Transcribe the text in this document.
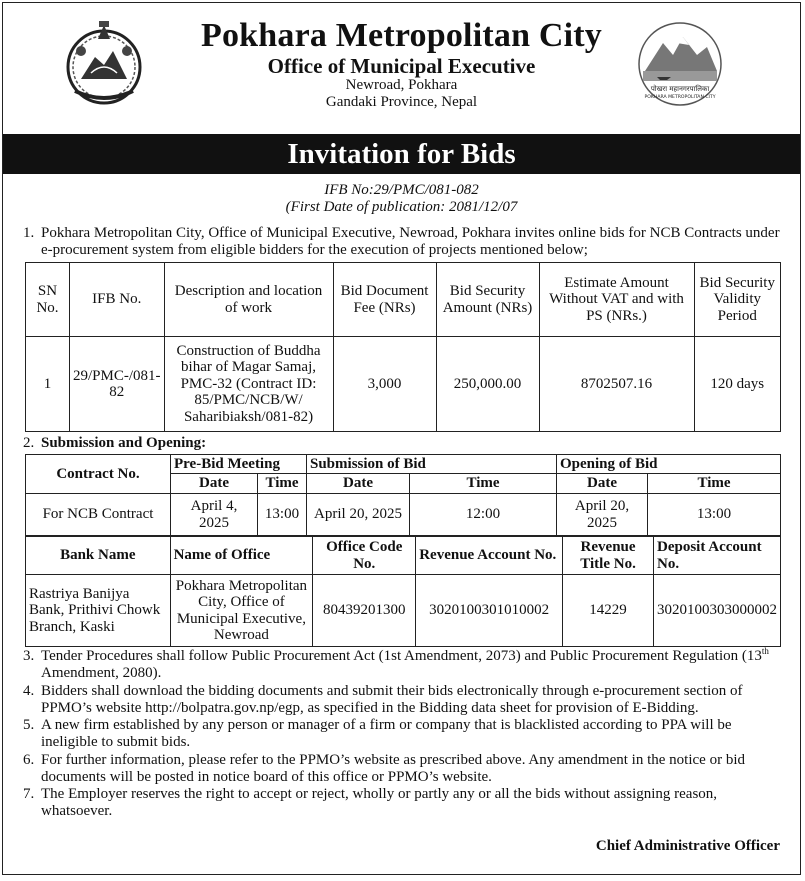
Pokhara Metropolitan City
Office of Municipal Executive
Newroad, Pokhara
Gandaki Province, Nepal
पोखरा महानगरपालिका
POKHARA METROPOLITAN CITY
Invitation for Bids
IFB No:29/PMC/081-082
(First Date of publication: 2081/12/07
1. Pokhara Metropolitan City, Office of Municipal Executive, Newroad, Pokhara invites online bids for NCB Contracts under e-procurement system from eligible bidders for the execution of projects mentioned below;
SN No.	IFB No.	Description and location of work	Bid Document Fee (NRs)	Bid Security Amount (NRs)	Estimate Amount Without VAT and with PS (NRs.)	Bid Security Validity Period
1	29/PMC-/081-82	Construction of Buddha bihar of Magar Samaj, PMC-32 (Contract ID: 85/PMC/NCB/W/ Saharibiaksh/081-82)	3,000	250,000.00	8702507.16	120 days
2. Submission and Opening:
Contract No.	Pre-Bid Meeting		Submission of Bid		Opening of Bid	
	Date	Time	Date	Time	Date	Time
For NCB Contract	April 4, 2025	13:00	April 20, 2025	12:00	April 20, 2025	13:00
Bank Name	Name of Office	Office Code No.	Revenue Account No.	Revenue Title No.	Deposit Account No.
Rastriya Banijya Bank, Prithivi Chowk Branch, Kaski	Pokhara Metropolitan City, Office of Municipal Executive, Newroad	80439201300	3020100301010002	14229	3020100303000002
3. Tender Procedures shall follow Public Procurement Act (1st Amendment, 2073) and Public Procurement Regulation (13th Amendment, 2080).
4. Bidders shall download the bidding documents and submit their bids electronically through e-procurement section of PPMO’s website http://bolpatra.gov.np/egp, as specified in the Bidding data sheet for provision of E-Bidding.
5. A new firm established by any person or manager of a firm or company that is blacklisted according to PPA will be ineligible to submit bids.
6. For further information, please refer to the PPMO’s website as prescribed above. Any amendment in the notice or bid documents will be posted in notice board of this office or PPMO’s website.
7. The Employer reserves the right to accept or reject, wholly or partly any or all the bids without assigning reason, whatsoever.
Chief Administrative Officer
